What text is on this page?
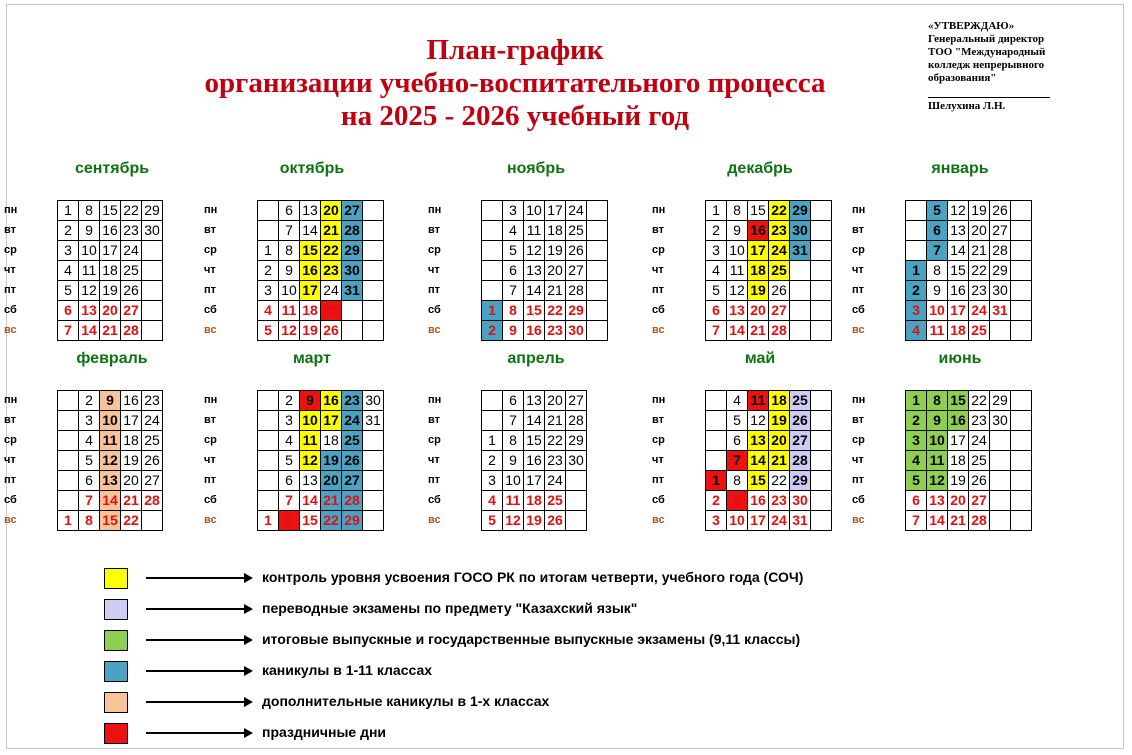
План-график
организации учебно-воспитательного процесса
на 2025 - 2026 учебный год
«УТВЕРЖДАЮ»
Генеральный директор
ТОО "Международный
колледж непрерывного
образования"
Шелухина Л.Н.
сентябрь
пн
вт
ср
чт
пт
сб
вс
1	8	15	22	29
2	9	16	23	30
3	10	17	24	
4	11	18	25	
5	12	19	26	
6	13	20	27	
7	14	21	28	
октябрь
пн
вт
ср
чт
пт
сб
вс
	6	13	20	27	
	7	14	21	28	
1	8	15	22	29	
2	9	16	23	30	
3	10	17	24	31	
4	11	18	25		
5	12	19	26		
ноябрь
пн
вт
ср
чт
пт
сб
вс
	3	10	17	24	
	4	11	18	25	
	5	12	19	26	
	6	13	20	27	
	7	14	21	28	
1	8	15	22	29	
2	9	16	23	30	
декабрь
пн
вт
ср
чт
пт
сб
вс
1	8	15	22	29	
2	9	16	23	30	
3	10	17	24	31	
4	11	18	25		
5	12	19	26		
6	13	20	27		
7	14	21	28		
январь
пн
вт
ср
чт
пт
сб
вс
	5	12	19	26	
	6	13	20	27	
	7	14	21	28	
1	8	15	22	29	
2	9	16	23	30	
3	10	17	24	31	
4	11	18	25		
февраль
пн
вт
ср
чт
пт
сб
вс
	2	9	16	23
	3	10	17	24
	4	11	18	25
	5	12	19	26
	6	13	20	27
	7	14	21	28
1	8	15	22	
март
пн
вт
ср
чт
пт
сб
вс
	2	9	16	23	30
	3	10	17	24	31
	4	11	18	25	
	5	12	19	26	
	6	13	20	27	
	7	14	21	28	
1	8	15	22	29	
апрель
пн
вт
ср
чт
пт
сб
вс
	6	13	20	27
	7	14	21	28
1	8	15	22	29
2	9	16	23	30
3	10	17	24	
4	11	18	25	
5	12	19	26	
май
пн
вт
ср
чт
пт
сб
вс
	4	11	18	25	
	5	12	19	26	
	6	13	20	27	
	7	14	21	28	
1	8	15	22	29	
2	9	16	23	30	
3	10	17	24	31	
июнь
пн
вт
ср
чт
пт
сб
вс
1	8	15	22	29	
2	9	16	23	30	
3	10	17	24		
4	11	18	25		
5	12	19	26		
6	13	20	27		
7	14	21	28		
контроль уровня усвоения ГОСО РК по итогам четверти, учебного года (СОЧ)
переводные экзамены по предмету "Казахский язык"
итоговые выпускные и государственные выпускные экзамены (9,11 классы)
каникулы в 1-11 классах
дополнительные каникулы в 1-х классах
праздничные дни
